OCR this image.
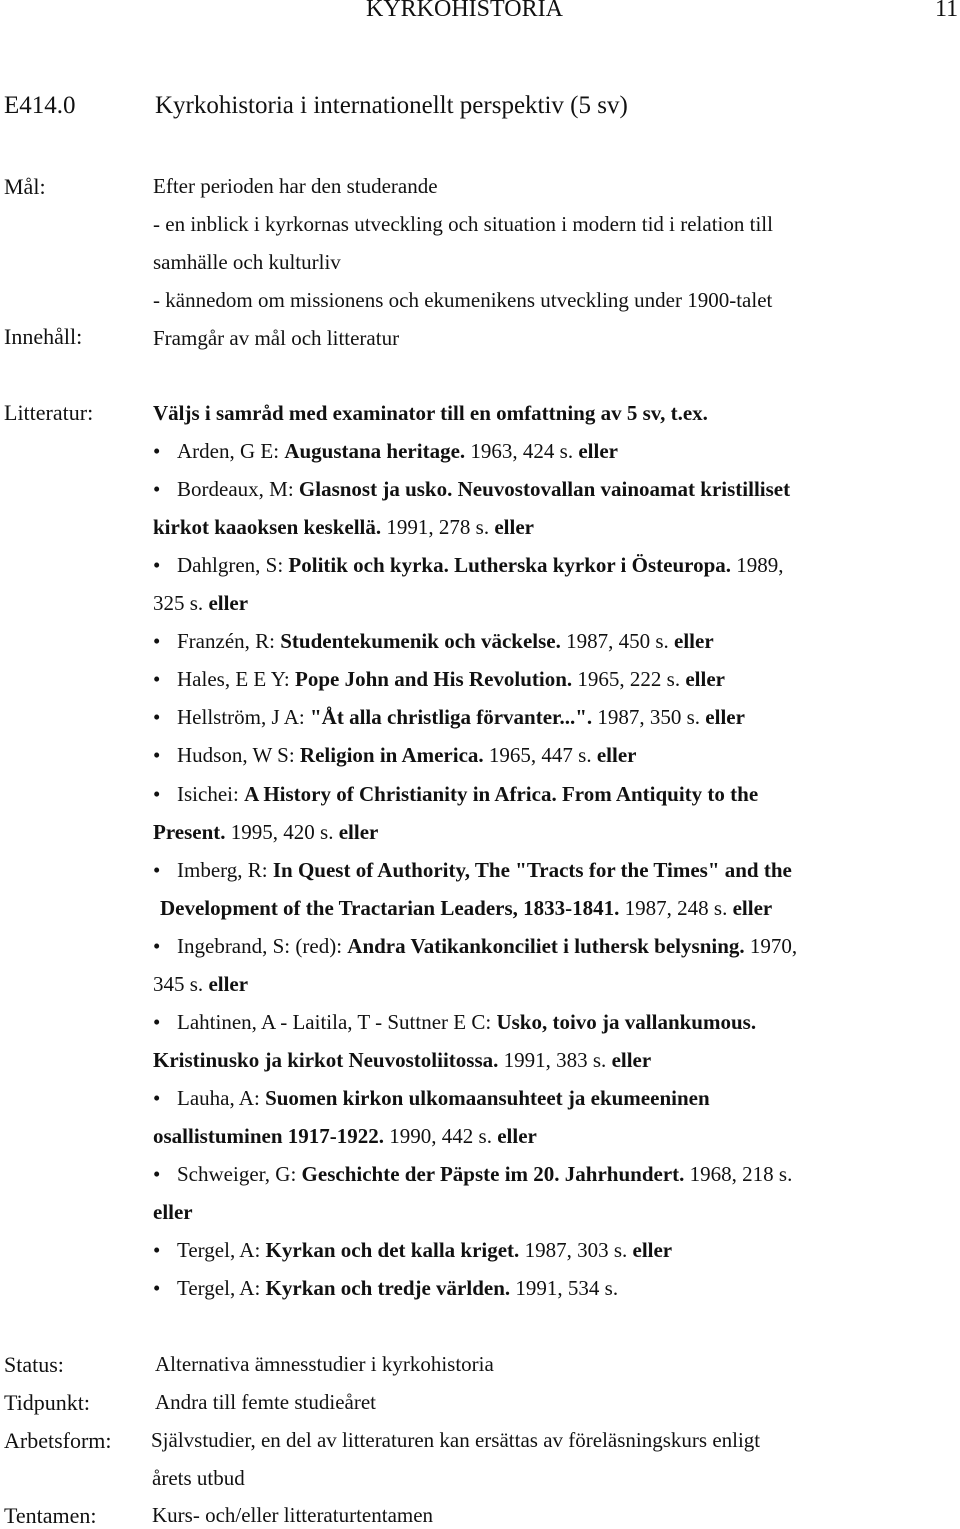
KYRKOHISTORIA	11
E414.0	Kyrkohistoria i internationellt perspektiv (5 sv)
Mål:	Efter perioden har den studerande
- en inblick i kyrkornas utveckling och situation i modern tid i relation till
samhälle och kulturliv
- kännedom om missionens och ekumenikens utveckling under 1900-talet
Innehåll:	Framgår av mål och litteratur
Litteratur:	Väljs i samråd med examinator till en omfattning av 5 sv, t.ex.
• Arden, G E: Augustana heritage. 1963, 424 s. eller
• Bordeaux, M: Glasnost ja usko. Neuvostovallan vainoamat kristilliset
kirkot kaaoksen keskellä. 1991, 278 s. eller
• Dahlgren, S: Politik och kyrka. Lutherska kyrkor i Östeuropa. 1989,
325 s. eller
• Franzén, R: Studentekumenik och väckelse. 1987, 450 s. eller
• Hales, E E Y: Pope John and His Revolution. 1965, 222 s. eller
• Hellström, J A: "Åt alla christliga förvanter...". 1987, 350 s. eller
• Hudson, W S: Religion in America. 1965, 447 s. eller
• Isichei: A History of Christianity in Africa. From Antiquity to the
Present. 1995, 420 s. eller
• Imberg, R: In Quest of Authority, The "Tracts for the Times" and the
Development of the Tractarian Leaders, 1833-1841. 1987, 248 s. eller
• Ingebrand, S: (red): Andra Vatikankonciliet i luthersk belysning. 1970,
345 s. eller
• Lahtinen, A - Laitila, T - Suttner E C: Usko, toivo ja vallankumous.
Kristinusko ja kirkot Neuvostoliitossa. 1991, 383 s. eller
• Lauha, A: Suomen kirkon ulkomaansuhteet ja ekumeeninen
osallistuminen 1917-1922. 1990, 442 s. eller
• Schweiger, G: Geschichte der Päpste im 20. Jahrhundert. 1968, 218 s.
eller
• Tergel, A: Kyrkan och det kalla kriget. 1987, 303 s. eller
• Tergel, A: Kyrkan och tredje världen. 1991, 534 s.
Status:	Alternativa ämnesstudier i kyrkohistoria
Tidpunkt:	Andra till femte studieåret
Arbetsform: Självstudier, en del av litteraturen kan ersättas av föreläsningskurs enligt
årets utbud
Tentamen:	Kurs- och/eller litteraturtentamen
